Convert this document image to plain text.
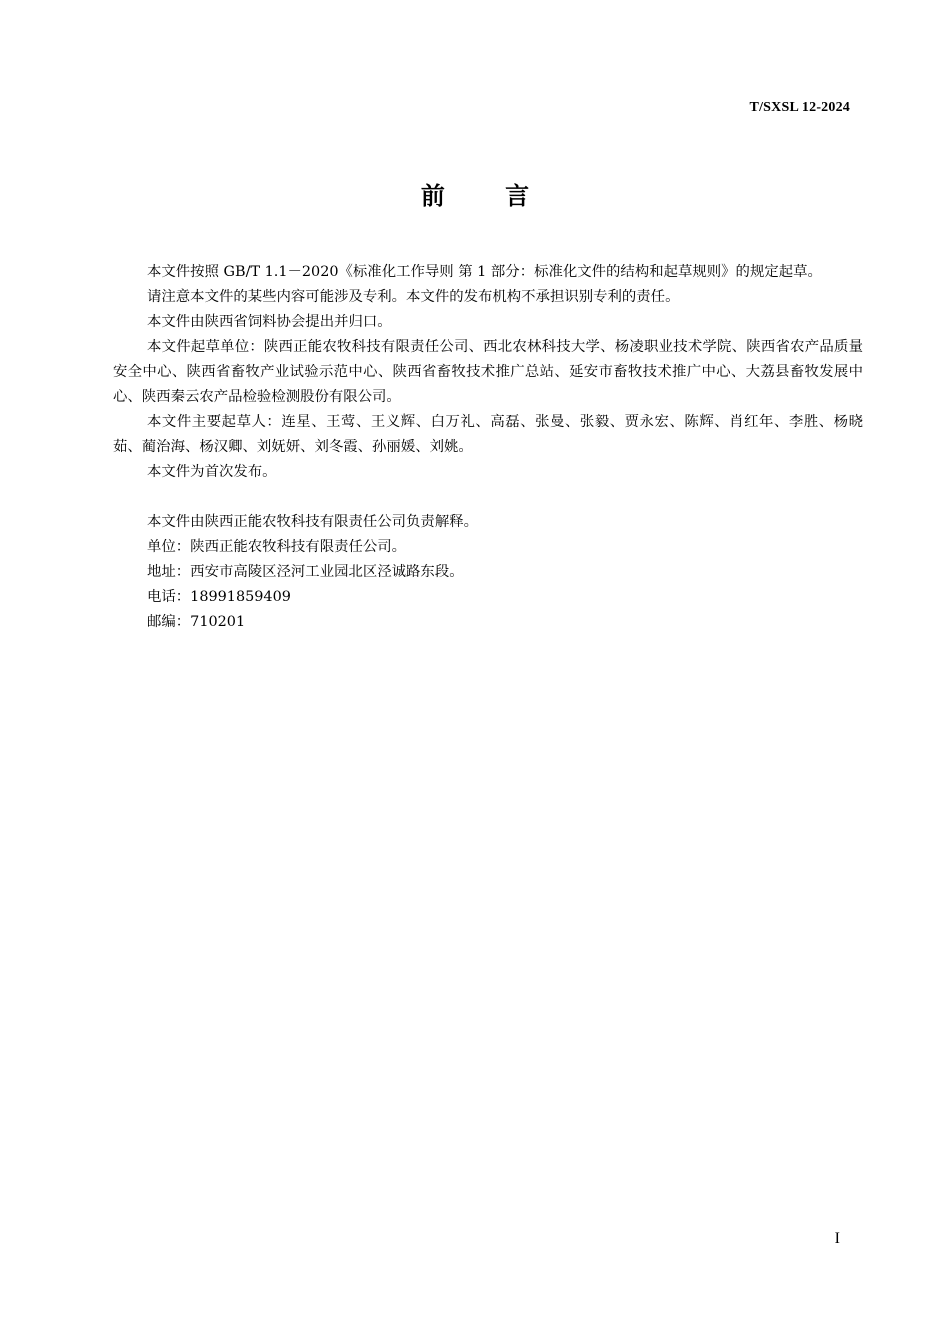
T/SXSL 12-2024
前 言

本文件按照 GB/T 1.1－2020《标准化工作导则 第 1 部分：标准化文件的结构和起草规则》的规定起草。

请注意本文件的某些内容可能涉及专利。本文件的发布机构不承担识别专利的责任。

本文件由陕西省饲料协会提出并归口。

本文件起草单位：陕西正能农牧科技有限责任公司、西北农林科技大学、杨凌职业技术学院、陕西省农产品质量安全中心、陕西省畜牧产业试验示范中心、陕西省畜牧技术推广总站、延安市畜牧技术推广中心、大荔县畜牧发展中心、陕西秦云农产品检验检测股份有限公司。

本文件主要起草人：连星、王莺、王义辉、白万礼、高磊、张曼、张毅、贾永宏、陈辉、肖红年、李胜、杨晓茹、蔺治海、杨汉卿、刘妩妍、刘冬霞、孙丽媛、刘姚。

本文件为首次发布。

本文件由陕西正能农牧科技有限责任公司负责解释。

单位：陕西正能农牧科技有限责任公司。

地址：西安市高陵区泾河工业园北区泾诚路东段。

电话：18991859409

邮编：710201

I
